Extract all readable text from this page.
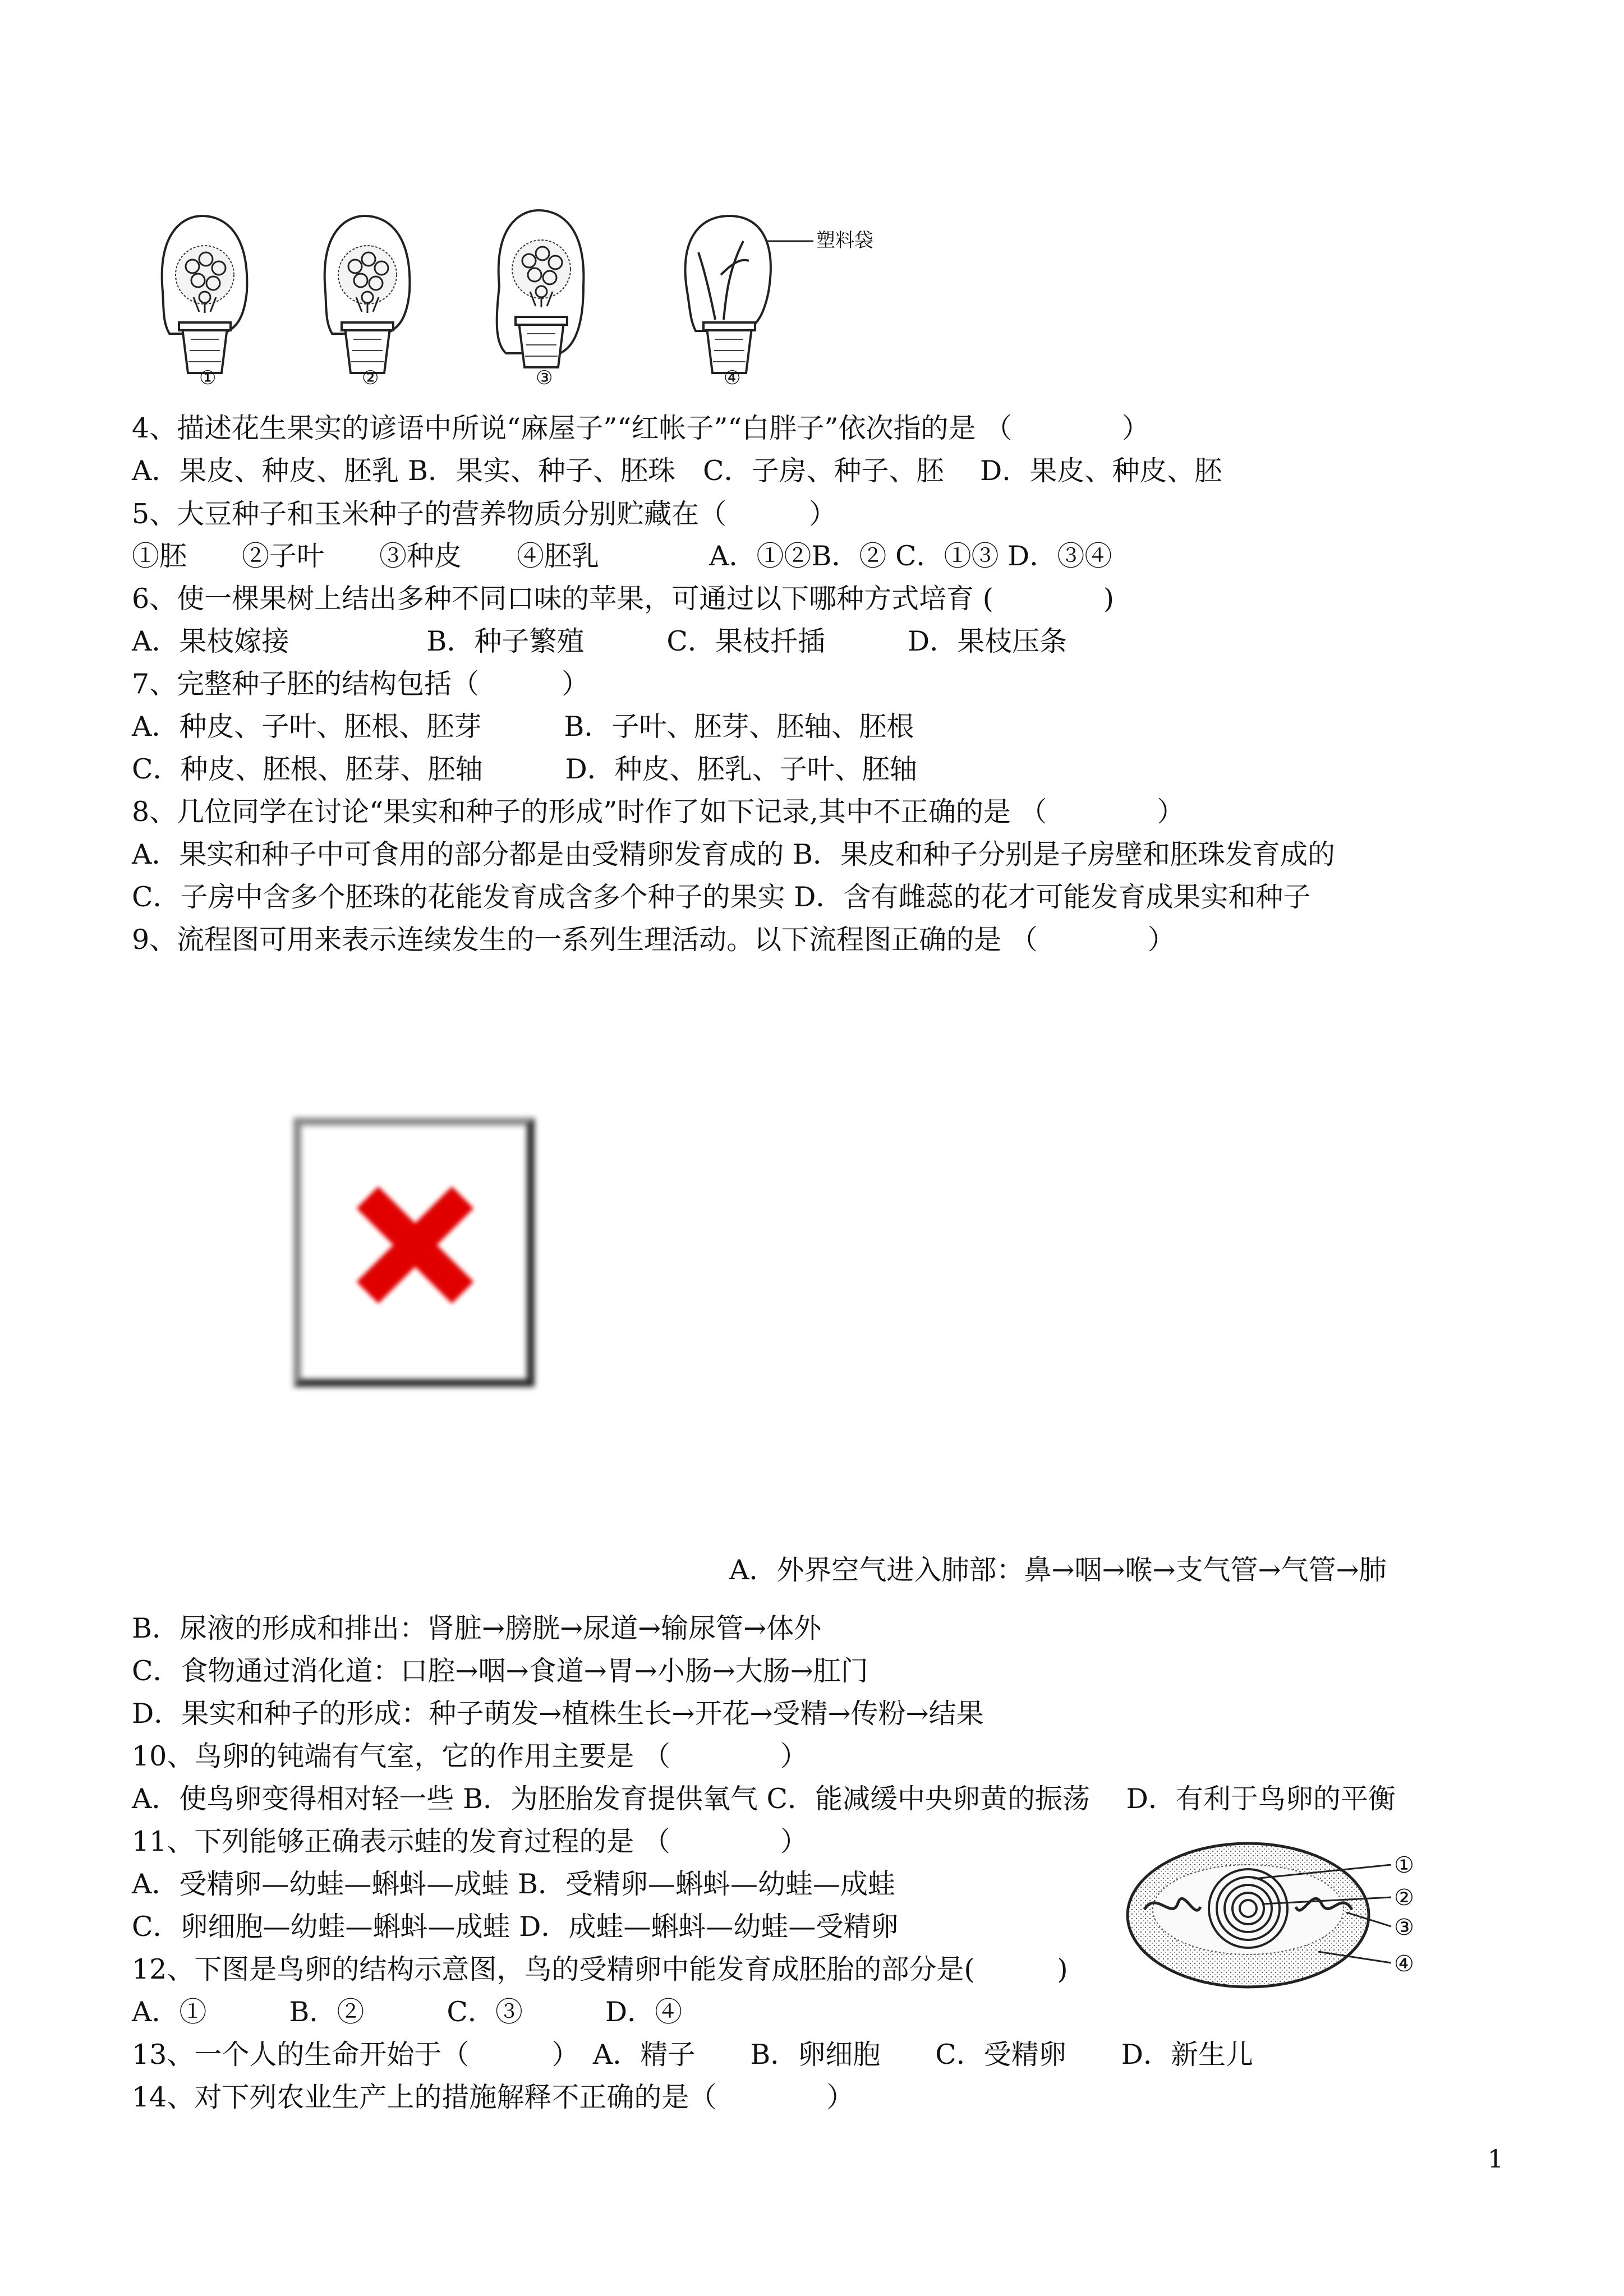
塑料袋
①	②	③	④
4、描述花生果实的谚语中所说“麻屋子”“红帐子”“白胖子”依次指的是 （　　　　）
A．果皮、种皮、胚乳 B．果实、种子、胚珠　C．子房、种子、胚　 D．果皮、种皮、胚
5、大豆种子和玉米种子的营养物质分别贮藏在（　　　）
①胚　　②子叶　　③种皮　　④胚乳　　　　A．①②B．② C．①③ D．③④
6、使一棵果树上结出多种不同口味的苹果，可通过以下哪种方式培育 (　　　　)
A．果枝嫁接　　　　　B．种子繁殖　　　C．果枝扦插　　　D．果枝压条
7、完整种子胚的结构包括（　　　）
A．种皮、子叶、胚根、胚芽　　　B．子叶、胚芽、胚轴、胚根
C．种皮、胚根、胚芽、胚轴　　　D．种皮、胚乳、子叶、胚轴
8、几位同学在讨论“果实和种子的形成”时作了如下记录,其中不正确的是 （　　　　）
A．果实和种子中可食用的部分都是由受精卵发育成的 B．果皮和种子分别是子房壁和胚珠发育成的
C．子房中含多个胚珠的花能发育成含多个种子的果实 D．含有雌蕊的花才可能发育成果实和种子
9、流程图可用来表示连续发生的一系列生理活动。以下流程图正确的是 （　　　　）
A．外界空气进入肺部：鼻→咽→喉→支气管→气管→肺
B．尿液的形成和排出：肾脏→膀胱→尿道→输尿管→体外
C．食物通过消化道：口腔→咽→食道→胃→小肠→大肠→肛门
D．果实和种子的形成：种子萌发→植株生长→开花→受精→传粉→结果
10、鸟卵的钝端有气室，它的作用主要是 （　　　　）
A．使鸟卵变得相对轻一些 B．为胚胎发育提供氧气 C．能减缓中央卵黄的振荡　 D．有利于鸟卵的平衡
11、下列能够正确表示蛙的发育过程的是 （　　　　）
A．受精卵—幼蛙—蝌蚪—成蛙 B．受精卵—蝌蚪—幼蛙—成蛙
C．卵细胞—幼蛙—蝌蚪—成蛙 D．成蛙—蝌蚪—幼蛙—受精卵
12、下图是鸟卵的结构示意图，鸟的受精卵中能发育成胚胎的部分是(　　　)
A．①　　　B．②　　　C．③　　　D．④
13、一个人的生命开始于（　　　）　A．精子　　B．卵细胞　　C．受精卵　　D．新生儿
14、对下列农业生产上的措施解释不正确的是（　　　　）
①
②
③
④
1
